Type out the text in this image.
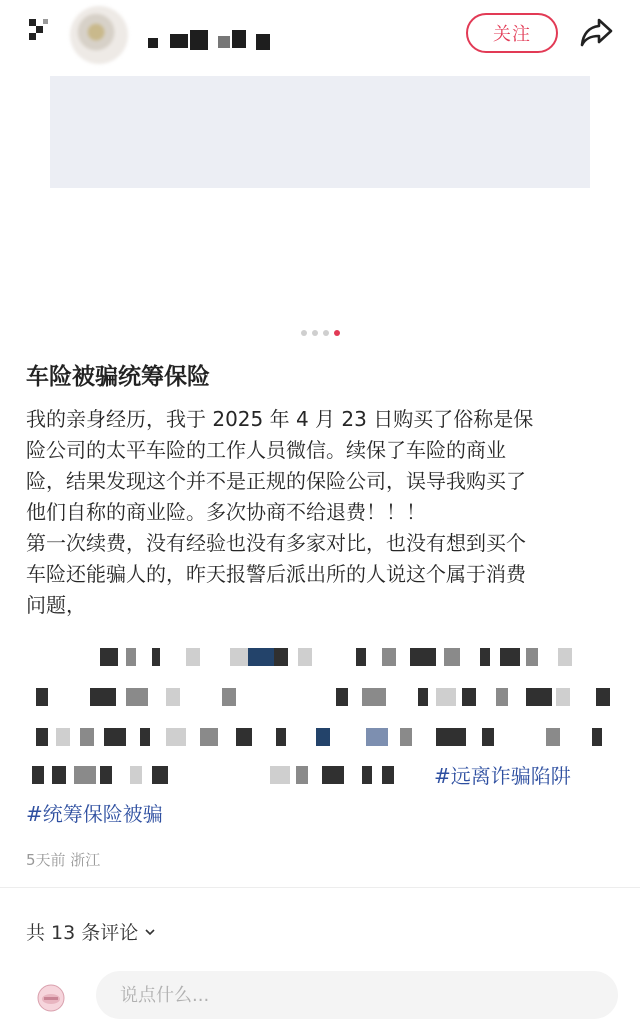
关注
车险被骗统筹保险
我的亲身经历，我于 2025 年 4 月 23 日购买了俗称是保
险公司的太平车险的工作人员微信。续保了车险的商业
险，结果发现这个并不是正规的保险公司，误导我购买了
他们自称的商业险。多次协商不给退费！！！
第一次续费，没有经验也没有多家对比，也没有想到买个
车险还能骗人的，昨天报警后派出所的人说这个属于消费
问题，
#远离诈骗陷阱
#统筹保险被骗
5天前 浙江
共 13 条评论
说点什么...
